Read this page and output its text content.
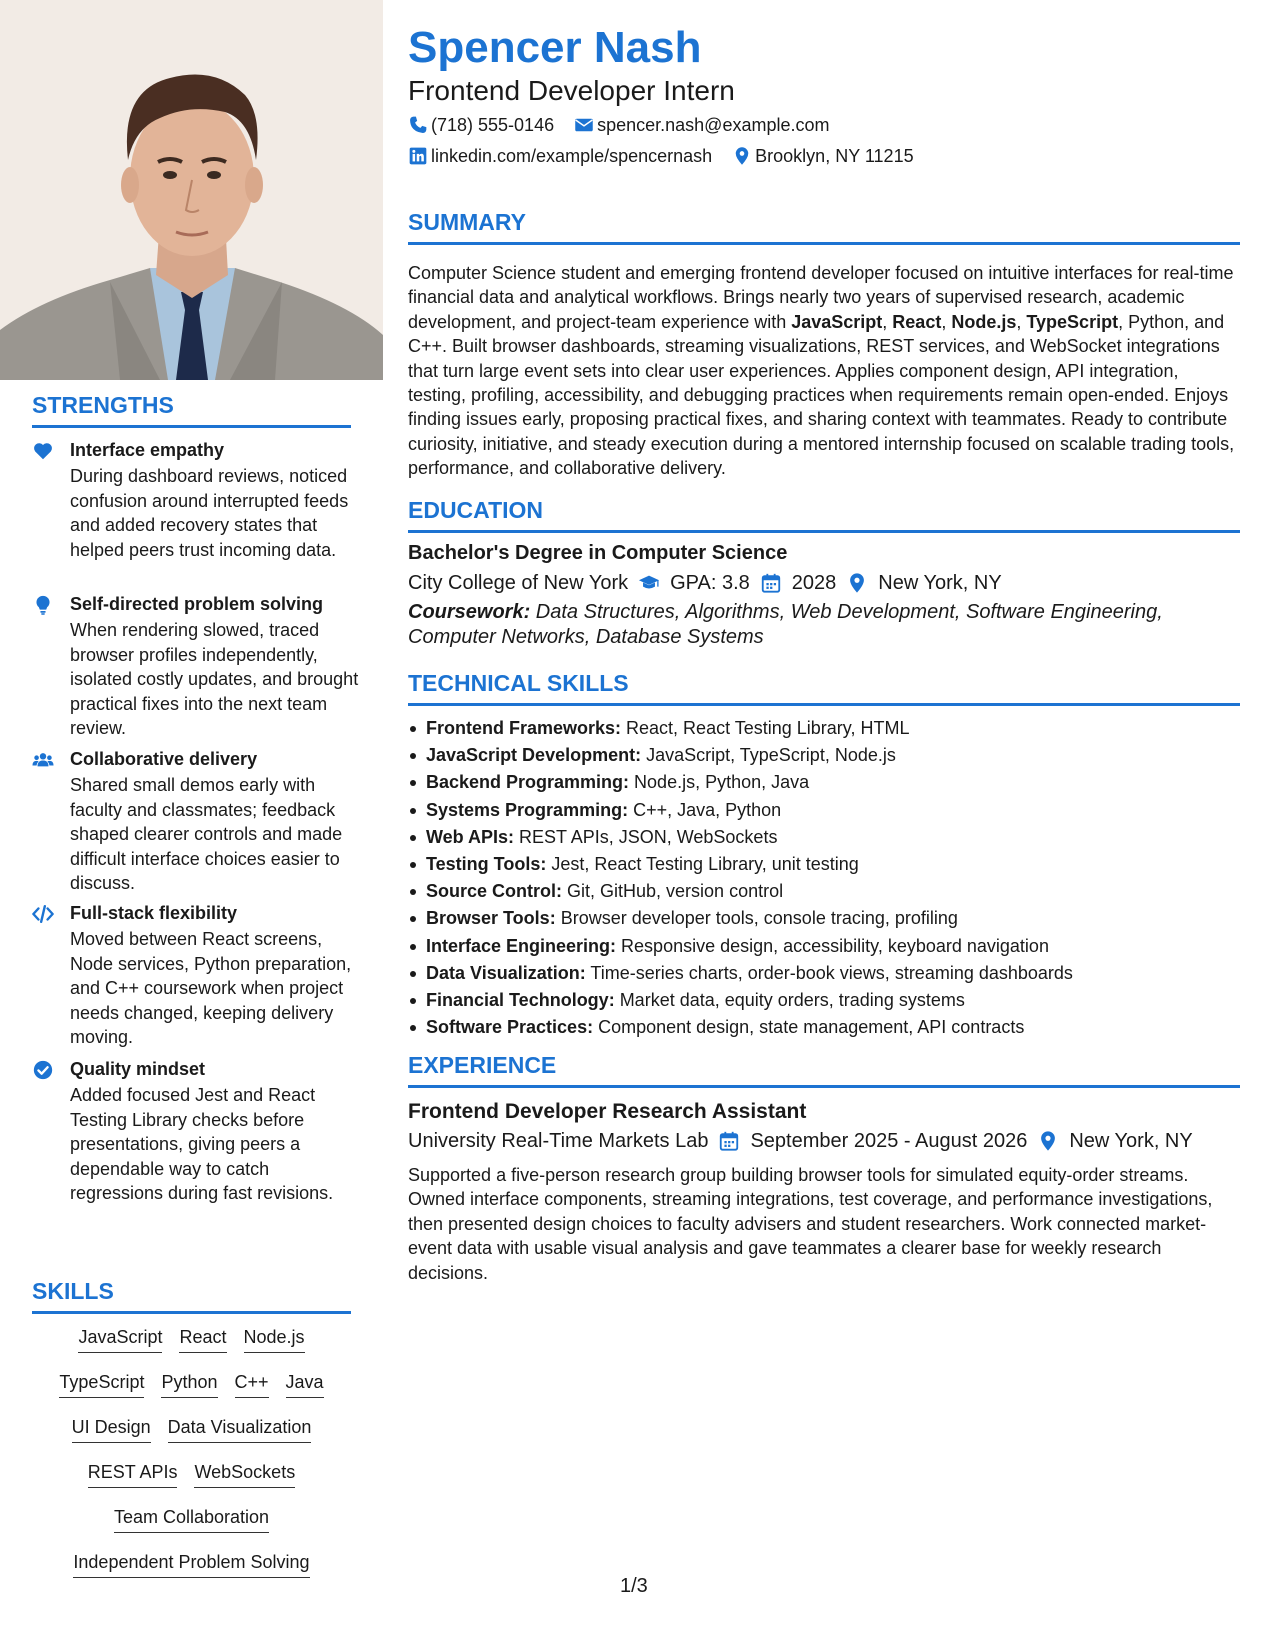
STRENGTHS
Interface empathy
During dashboard reviews, noticed confusion around interrupted feeds and added recovery states that helped peers trust incoming data.
Self-directed problem solving
When rendering slowed, traced browser profiles independently, isolated costly updates, and brought practical fixes into the next team review.
Collaborative delivery
Shared small demos early with faculty and classmates; feedback shaped clearer controls and made difficult interface choices easier to discuss.
Full-stack flexibility
Moved between React screens, Node services, Python preparation, and C++ coursework when project needs changed, keeping delivery moving.
Quality mindset
Added focused Jest and React Testing Library checks before presentations, giving peers a dependable way to catch regressions during fast revisions.
SKILLS
JavaScript React Node.js
TypeScript Python C++ Java
UI Design Data Visualization
REST APIs WebSockets
Team Collaboration
Independent Problem Solving
Spencer Nash
Frontend Developer Intern
(718) 555-0146 spencer.nash@example.com
linkedin.com/example/spencernash Brooklyn, NY 11215
SUMMARY
Computer Science student and emerging frontend developer focused on intuitive interfaces for real-time financial data and analytical workflows. Brings nearly two years of supervised research, academic development, and project-team experience with JavaScript, React, Node.js, TypeScript, Python, and C++. Built browser dashboards, streaming visualizations, REST services, and WebSocket integrations that turn large event sets into clear user experiences. Applies component design, API integration, testing, profiling, accessibility, and debugging practices when requirements remain open-ended. Enjoys finding issues early, proposing practical fixes, and sharing context with teammates. Ready to contribute curiosity, initiative, and steady execution during a mentored internship focused on scalable trading tools, performance, and collaborative delivery.
EDUCATION
Bachelor's Degree in Computer Science
City College of New York GPA: 3.8 2028 New York, NY
Coursework: Data Structures, Algorithms, Web Development, Software Engineering, Computer Networks, Database Systems
TECHNICAL SKILLS
Frontend Frameworks: React, React Testing Library, HTML
JavaScript Development: JavaScript, TypeScript, Node.js
Backend Programming: Node.js, Python, Java
Systems Programming: C++, Java, Python
Web APIs: REST APIs, JSON, WebSockets
Testing Tools: Jest, React Testing Library, unit testing
Source Control: Git, GitHub, version control
Browser Tools: Browser developer tools, console tracing, profiling
Interface Engineering: Responsive design, accessibility, keyboard navigation
Data Visualization: Time-series charts, order-book views, streaming dashboards
Financial Technology: Market data, equity orders, trading systems
Software Practices: Component design, state management, API contracts
EXPERIENCE
Frontend Developer Research Assistant
University Real-Time Markets Lab September 2025 - August 2026 New York, NY
Supported a five-person research group building browser tools for simulated equity-order streams. Owned interface components, streaming integrations, test coverage, and performance investigations, then presented design choices to faculty advisers and student researchers. Work connected market-event data with usable visual analysis and gave teammates a clearer base for weekly research decisions.
1/3
